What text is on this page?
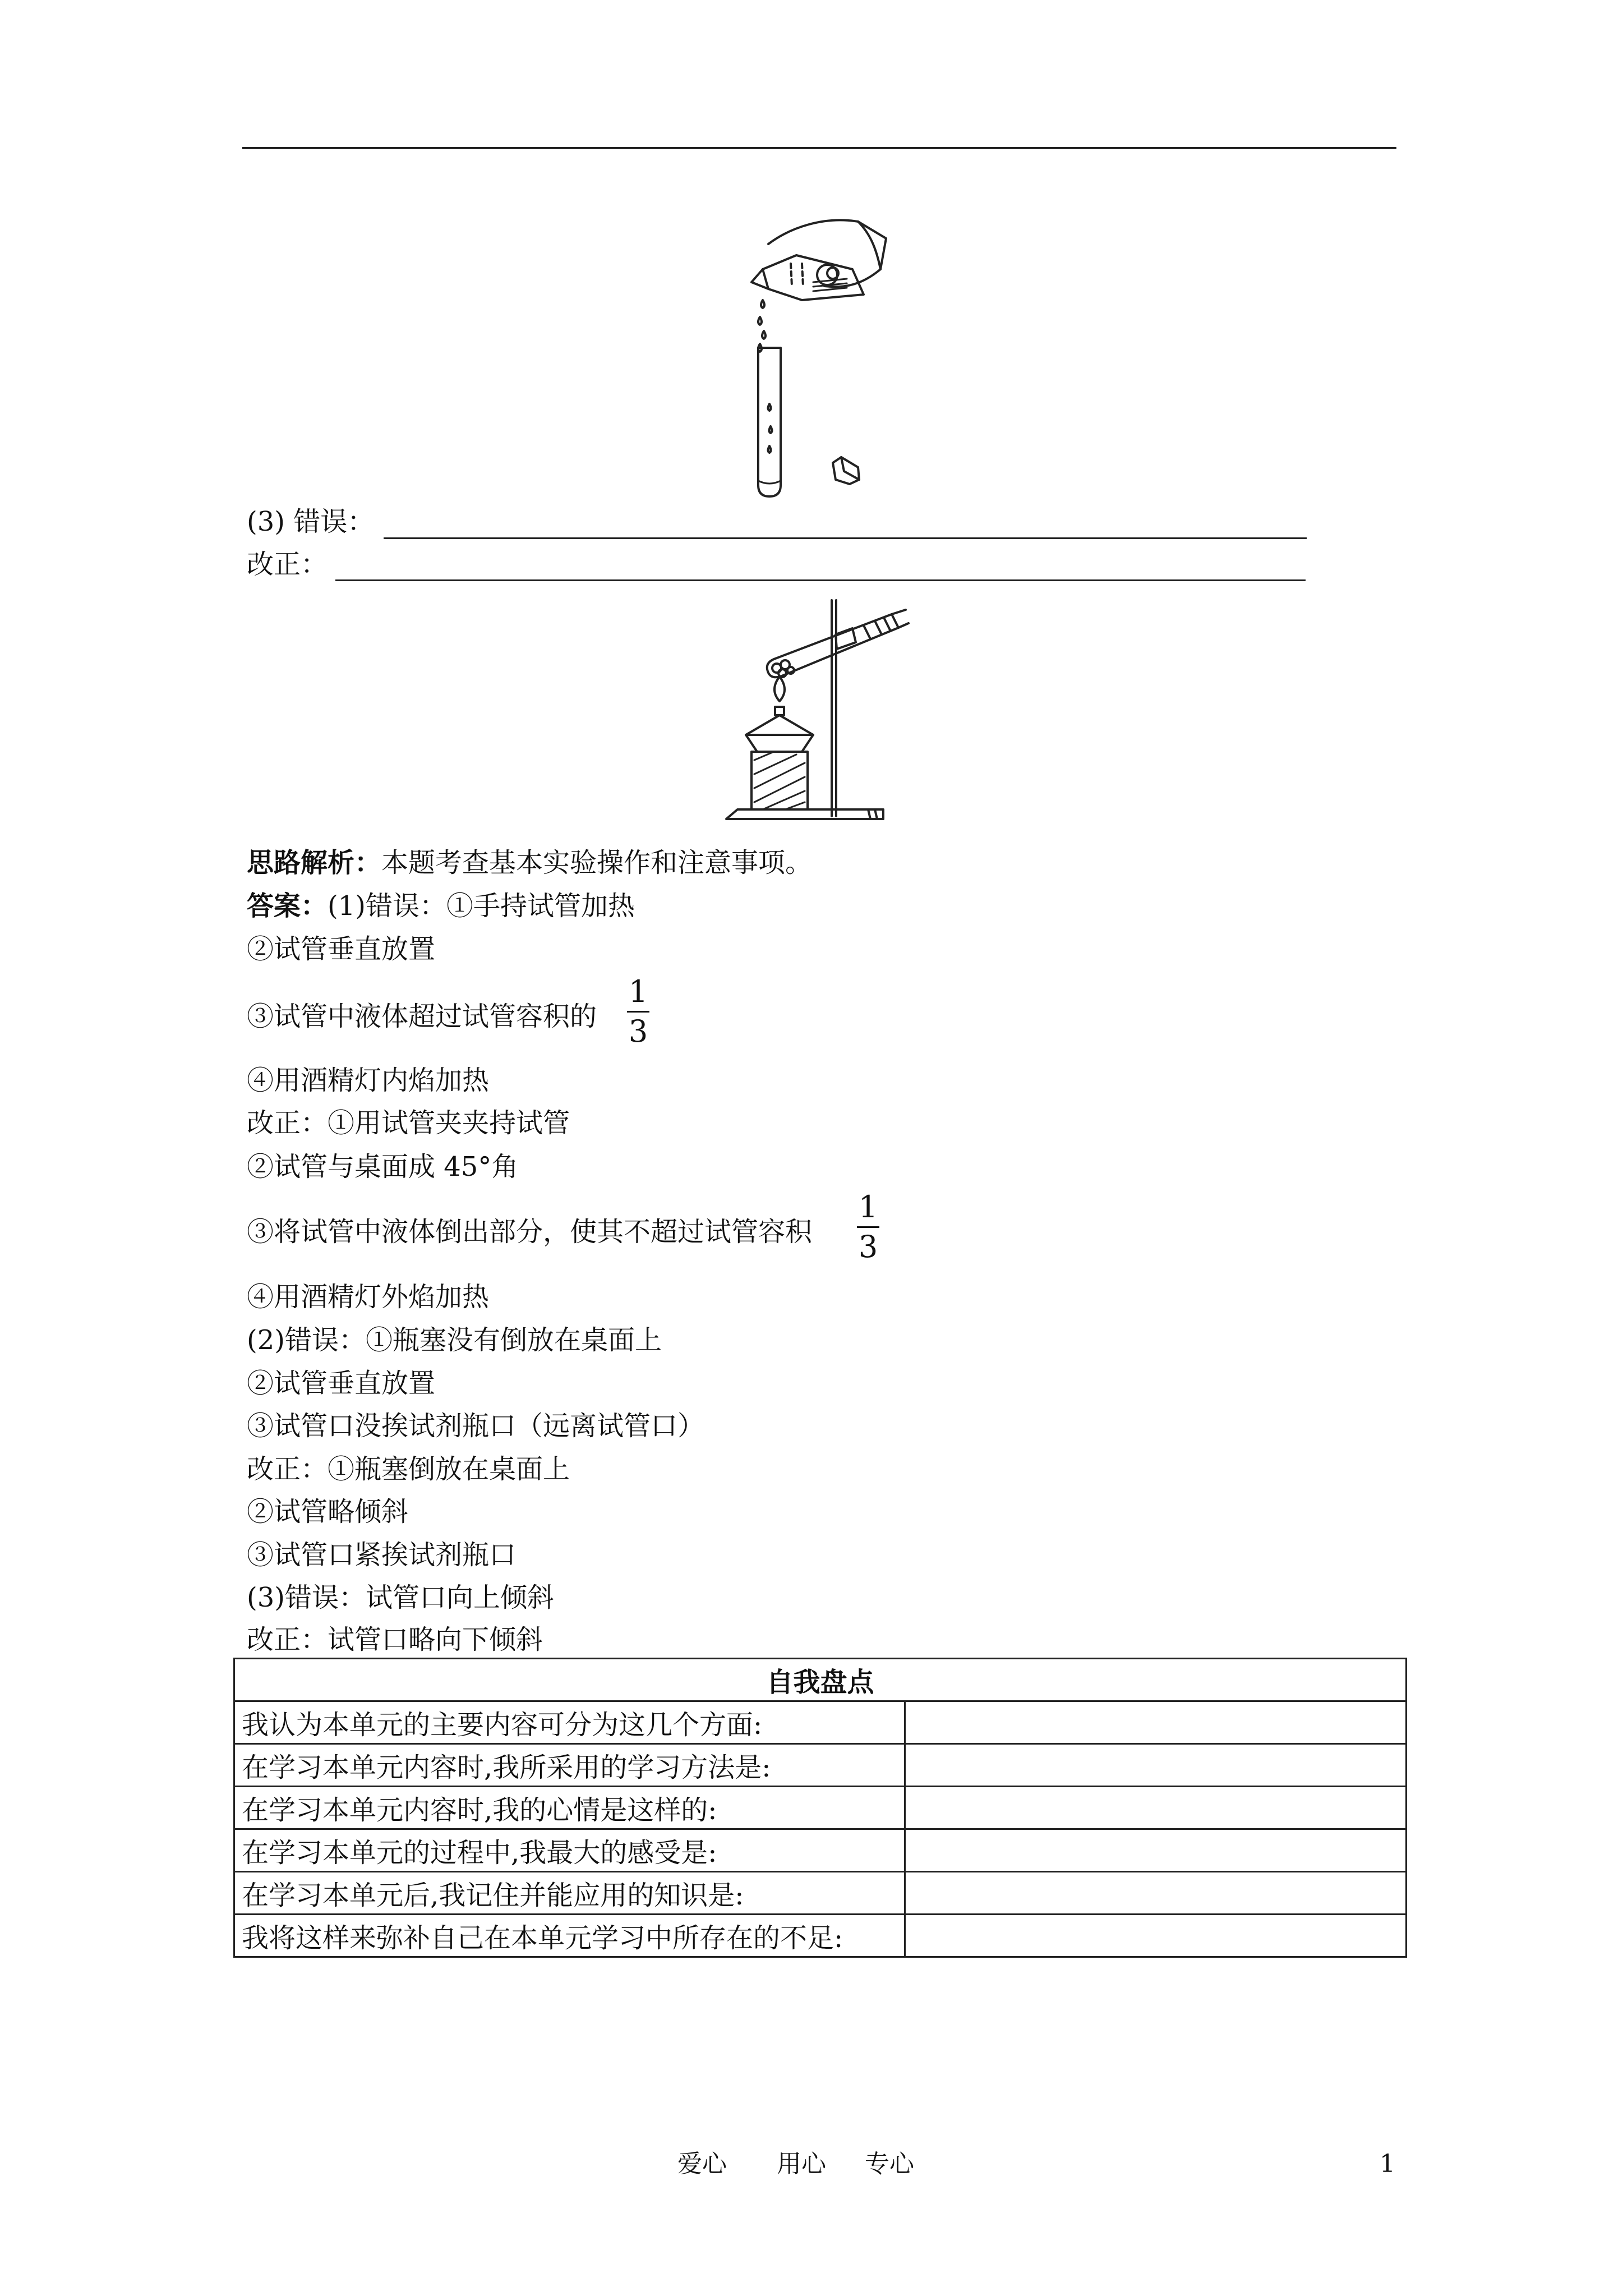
(3) 错误：
改正：
思路解析：本题考查基本实验操作和注意事项。
答案：(1)错误：①手持试管加热
②试管垂直放置
③试管中液体超过试管容积的
1
3
④用酒精灯内焰加热
改正：①用试管夹夹持试管
②试管与桌面成 45°角
③将试管中液体倒出部分，使其不超过试管容积
1
3
④用酒精灯外焰加热
(2)错误：①瓶塞没有倒放在桌面上
②试管垂直放置
③试管口没挨试剂瓶口（远离试管口）
改正：①瓶塞倒放在桌面上
②试管略倾斜
③试管口紧挨试剂瓶口
(3)错误：试管口向上倾斜
改正：试管口略向下倾斜
自我盘点	
我认为本单元的主要内容可分为这几个方面:	
在学习本单元内容时,我所采用的学习方法是:	
在学习本单元内容时,我的心情是这样的:	
在学习本单元的过程中,我最大的感受是:	
在学习本单元后,我记住并能应用的知识是:	
我将这样来弥补自己在本单元学习中所存在的不足:	
爱心 用心 专心	1
